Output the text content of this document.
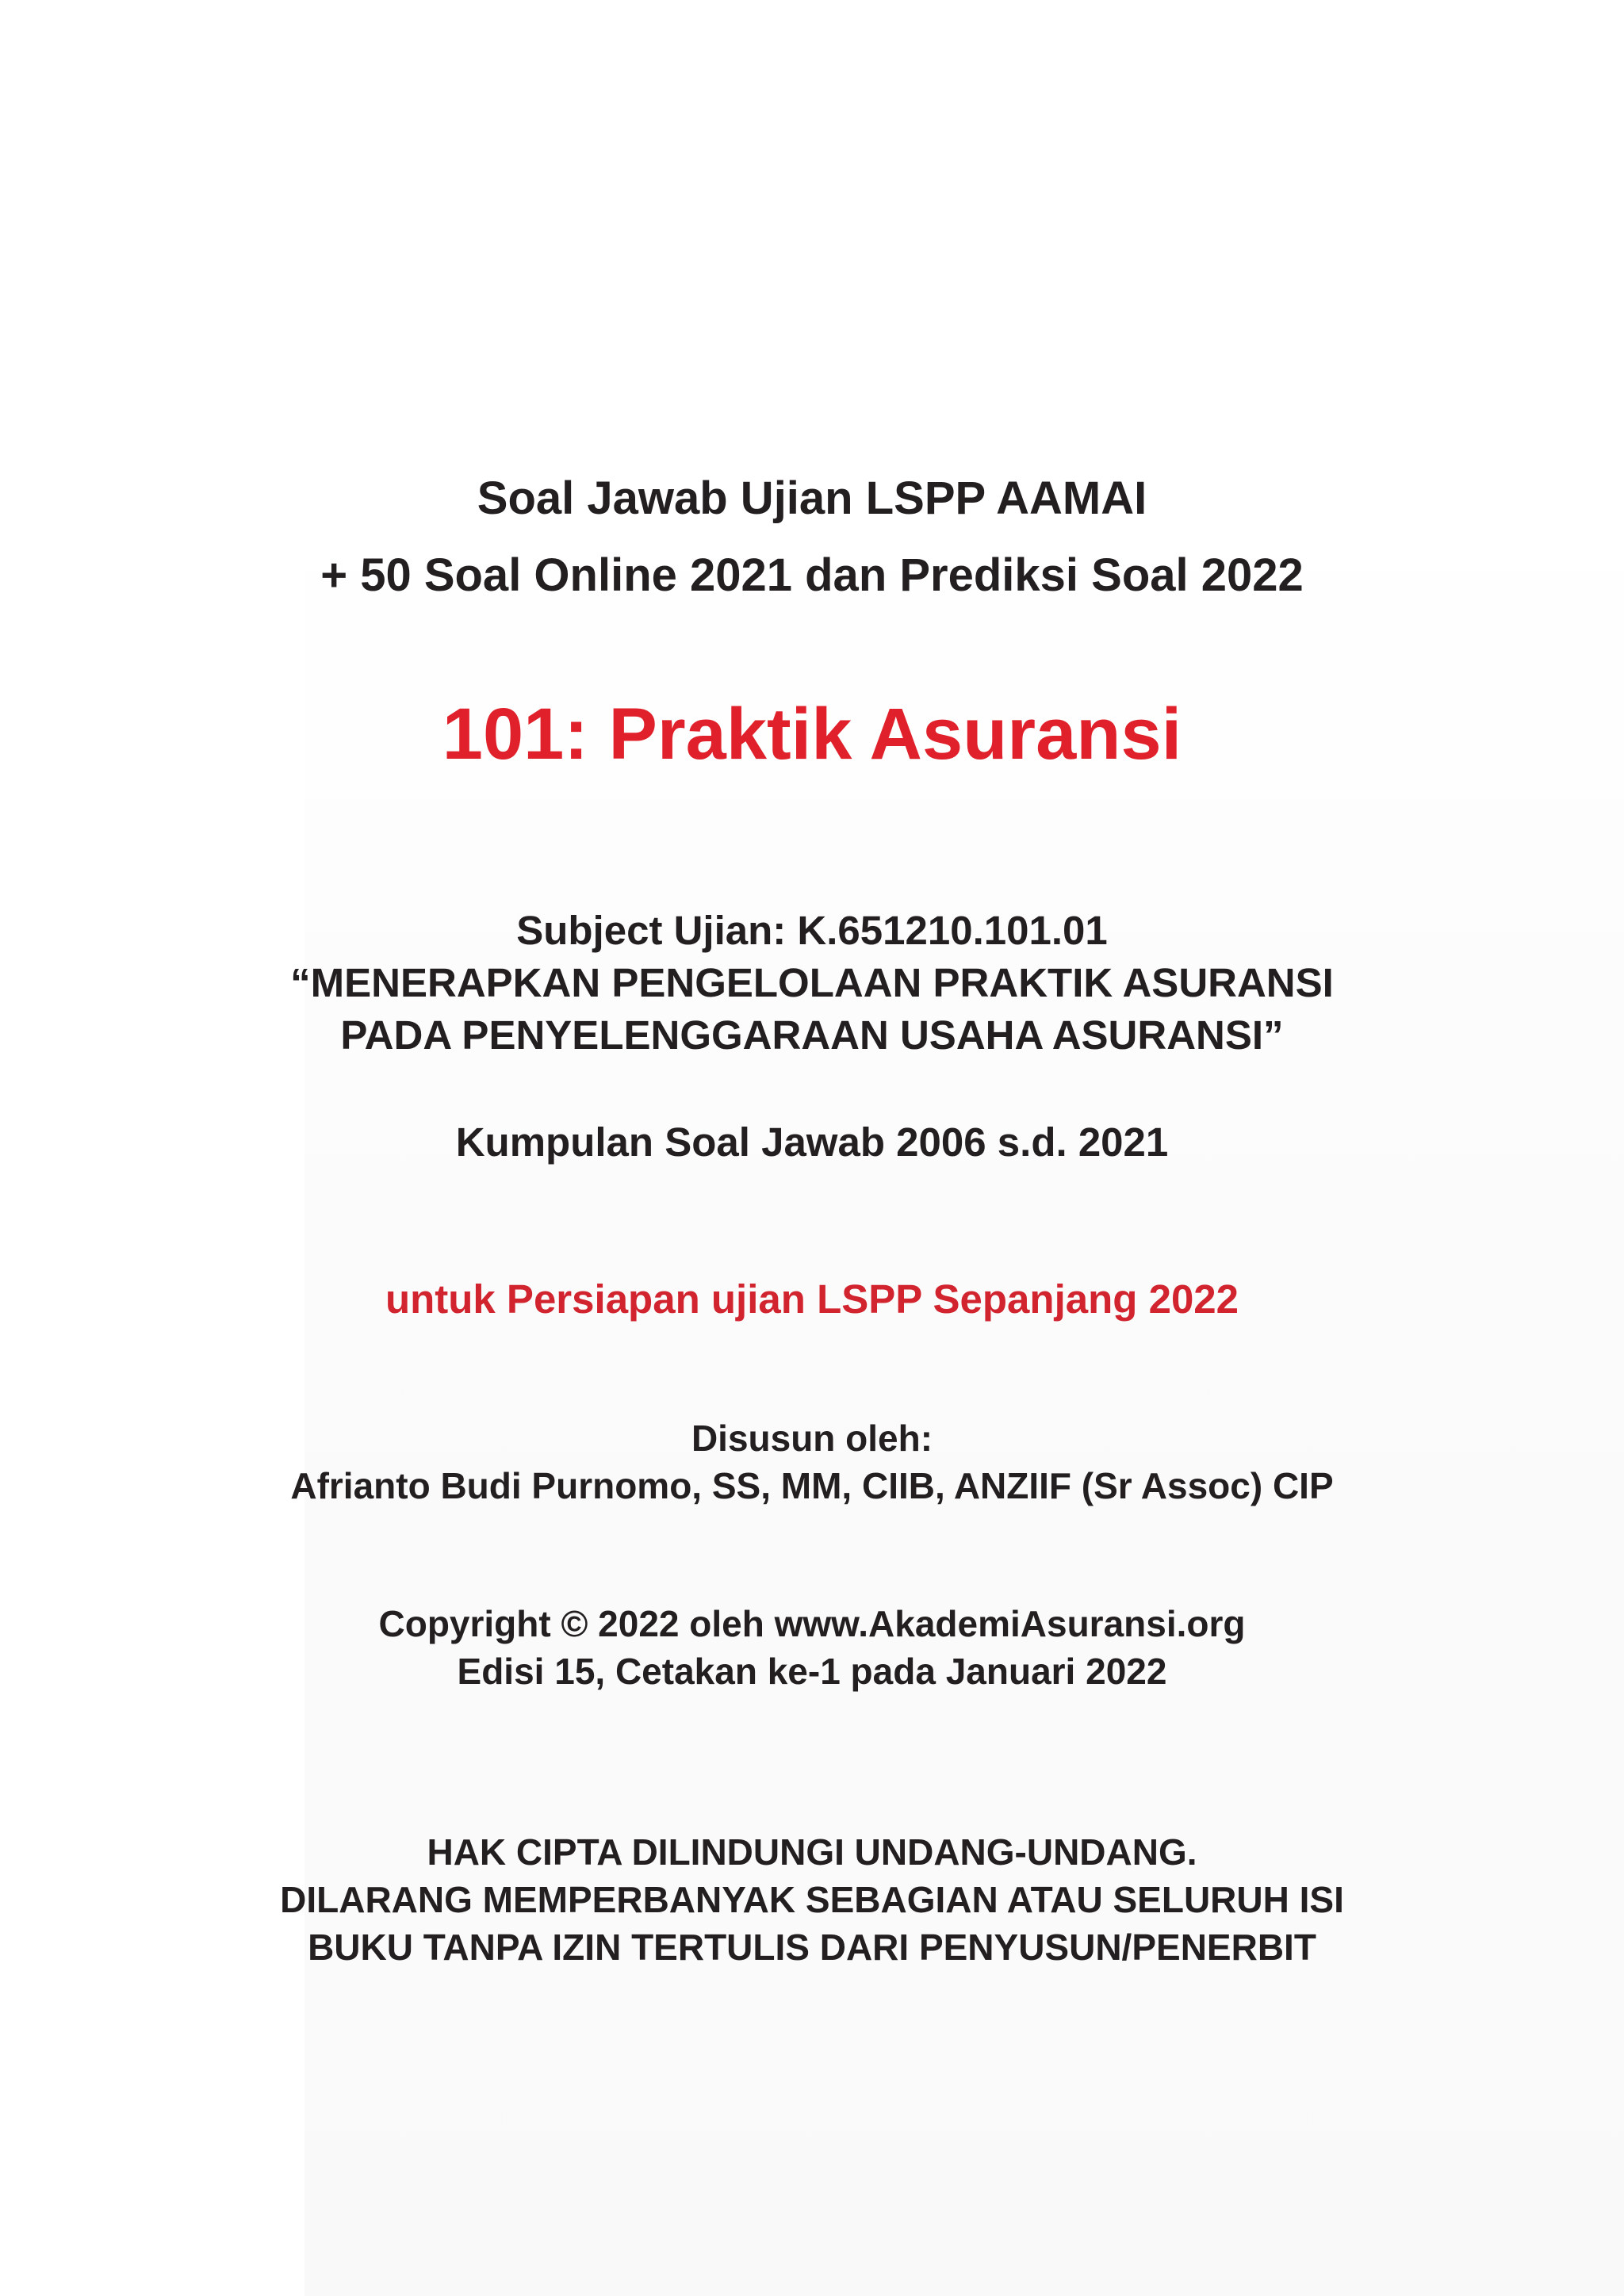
Soal Jawab Ujian LSPP AAMAI
+ 50 Soal Online 2021 dan Prediksi Soal 2022
101: Praktik Asuransi
Subject Ujian: K.651210.101.01
“MENERAPKAN PENGELOLAAN PRAKTIK ASURANSI
PADA PENYELENGGARAAN USAHA ASURANSI”
Kumpulan Soal Jawab 2006 s.d. 2021
untuk Persiapan ujian LSPP Sepanjang 2022
Disusun oleh:
Afrianto Budi Purnomo, SS, MM, CIIB, ANZIIF (Sr Assoc) CIP
Copyright © 2022 oleh www.AkademiAsuransi.org
Edisi 15, Cetakan ke-1 pada Januari 2022
HAK CIPTA DILINDUNGI UNDANG-UNDANG.
DILARANG MEMPERBANYAK SEBAGIAN ATAU SELURUH ISI
BUKU TANPA IZIN TERTULIS DARI PENYUSUN/PENERBIT
